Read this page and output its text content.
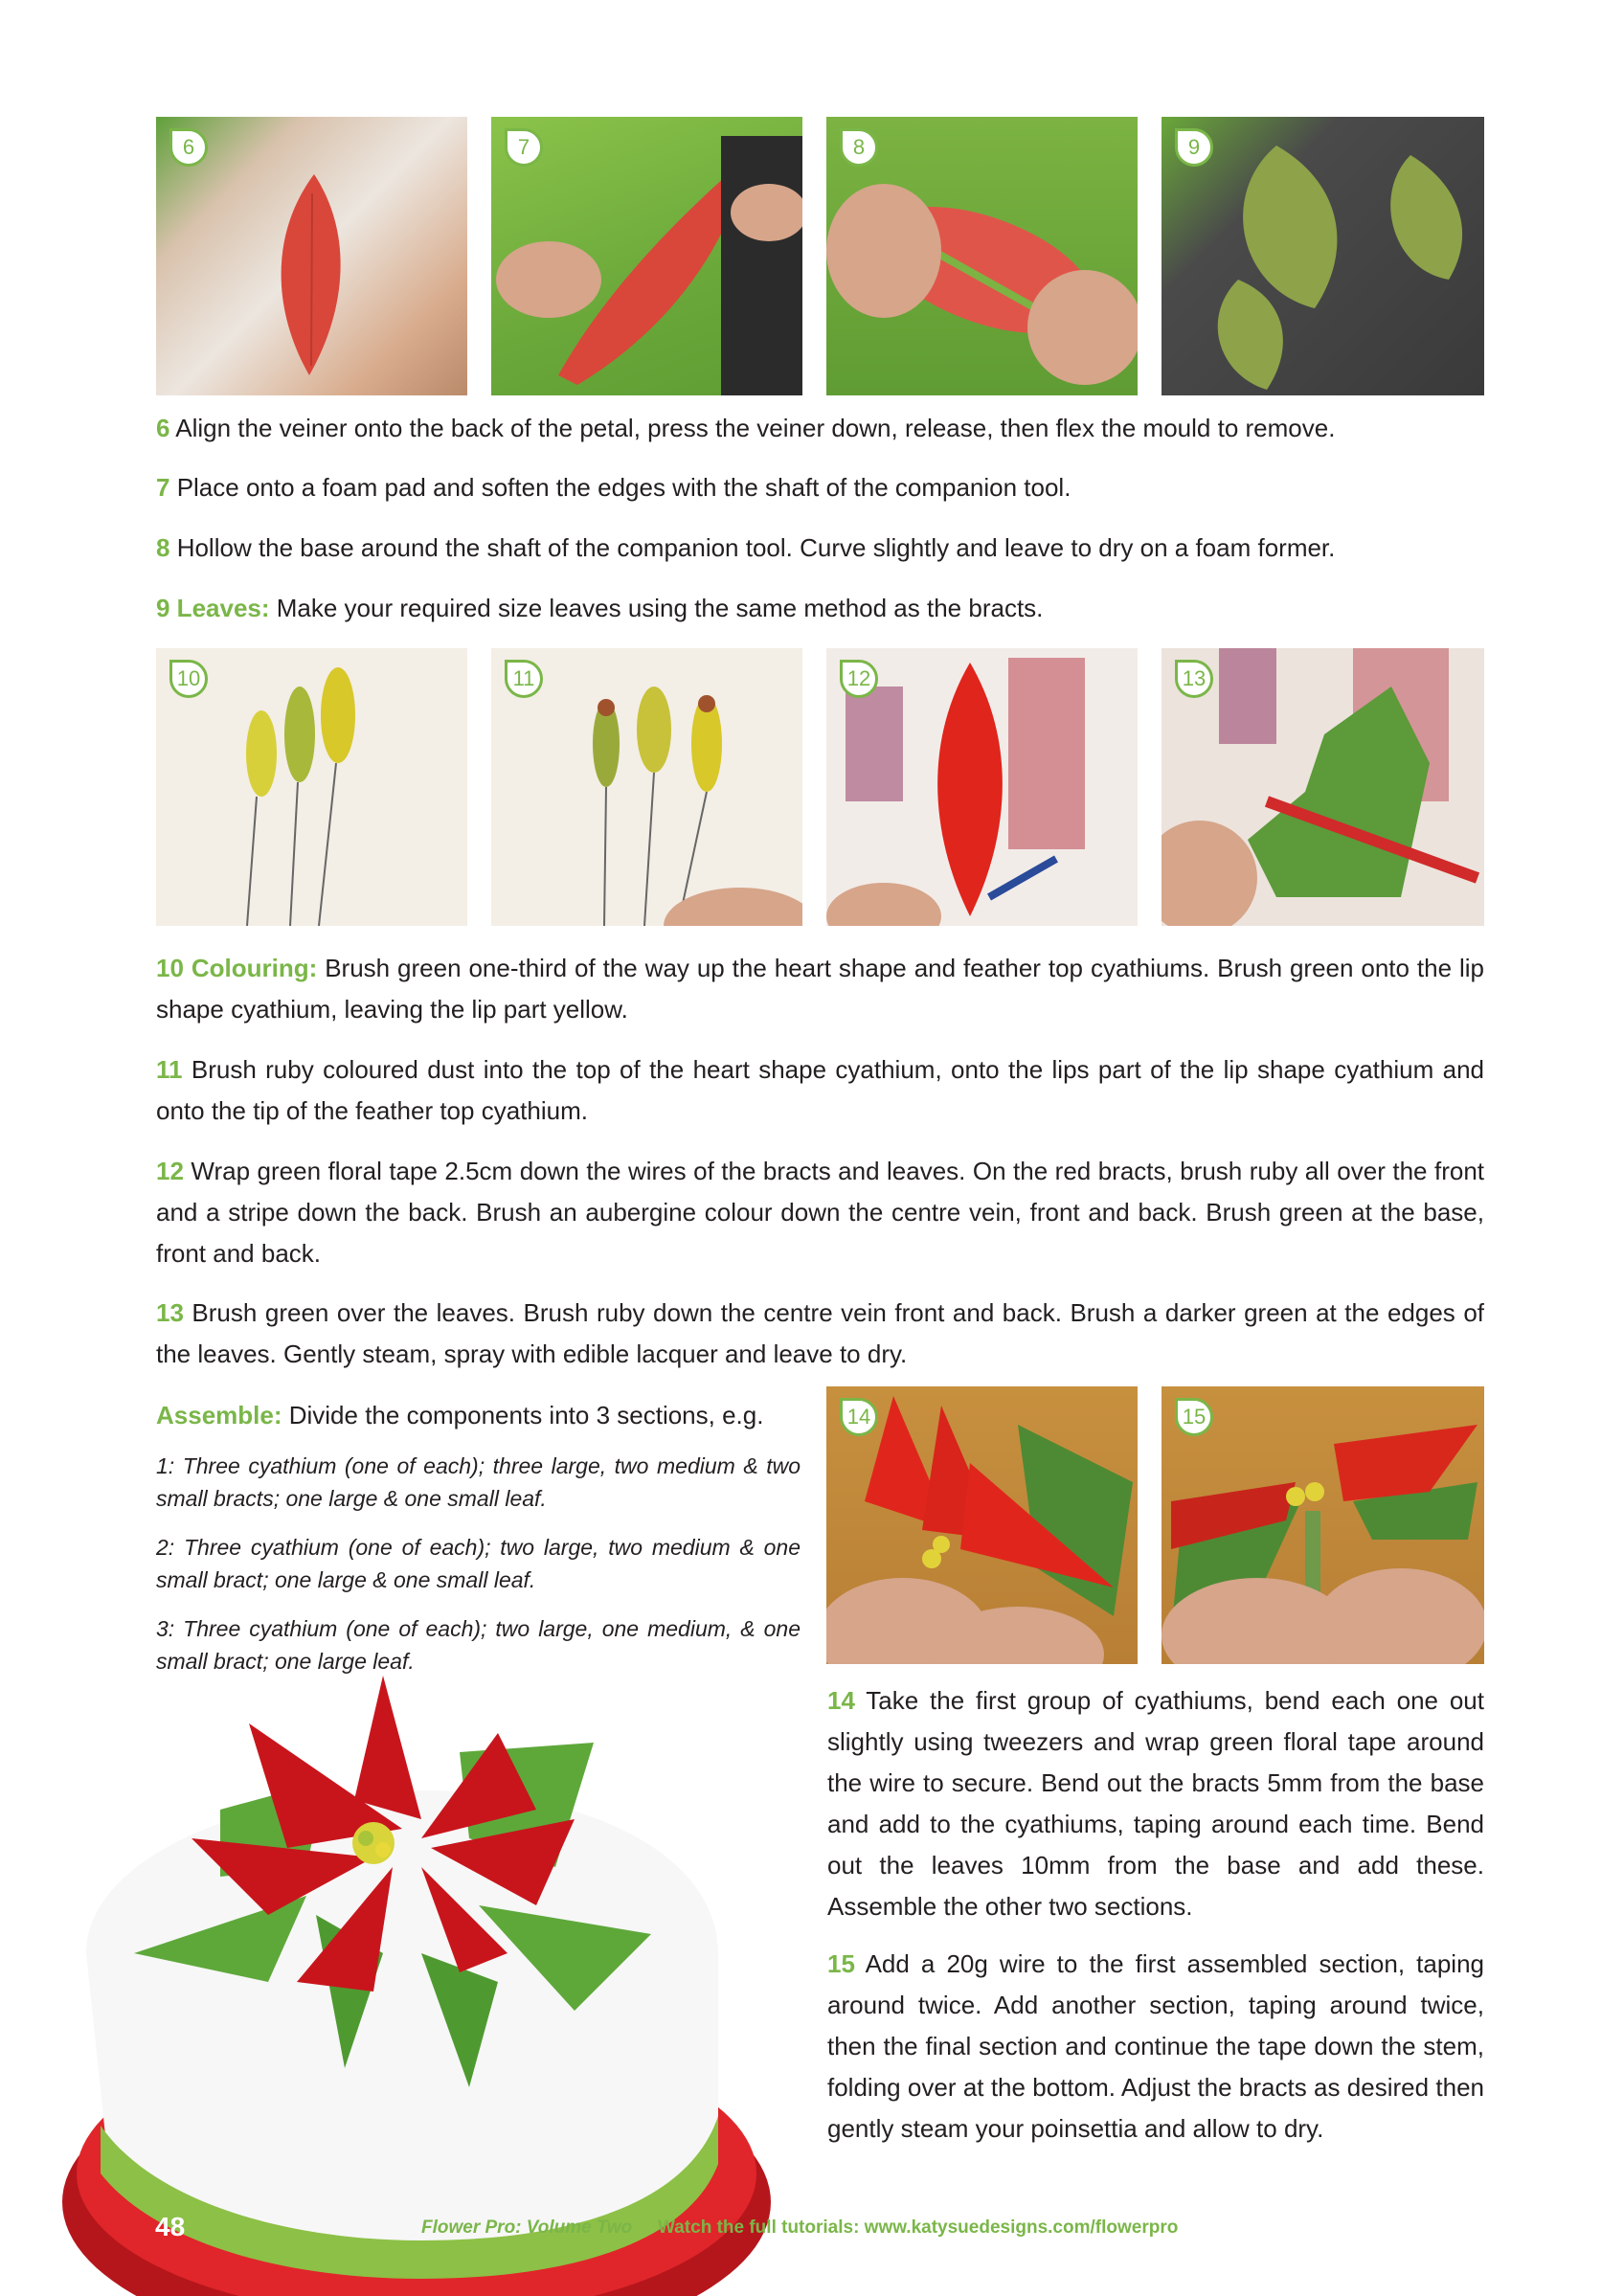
6	7	8	9

6 Align the veiner onto the back of the petal, press the veiner down, release, then flex the mould to remove.

7 Place onto a foam pad and soften the edges with the shaft of the companion tool.

8 Hollow the base around the shaft of the companion tool. Curve slightly and leave to dry on a foam former.

9 Leaves: Make your required size leaves using the same method as the bracts.

10	11	12	13

10 Colouring: Brush green one-third of the way up the heart shape and feather top cyathiums. Brush green onto the lip shape cyathium, leaving the lip part yellow.

11 Brush ruby coloured dust into the top of the heart shape cyathium, onto the lips part of the lip shape cyathium and onto the tip of the feather top cyathium.

12 Wrap green floral tape 2.5cm down the wires of the bracts and leaves. On the red bracts, brush ruby all over the front and a stripe down the back. Brush an aubergine colour down the centre vein, front and back. Brush green at the base, front and back.

13 Brush green over the leaves. Brush ruby down the centre vein front and back. Brush a darker green at the edges of the leaves. Gently steam, spray with edible lacquer and leave to dry.

Assemble: Divide the components into 3 sections, e.g.

1: Three cyathium (one of each); three large, two medium & two small bracts; one large & one small leaf.

2: Three cyathium (one of each); two large, two medium & one small bract; one large & one small leaf.

3: Three cyathium (one of each); two large, one medium, & one small bract; one large leaf.

14	15

14 Take the first group of cyathiums, bend each one out slightly using tweezers and wrap green floral tape around the wire to secure. Bend out the bracts 5mm from the base and add to the cyathiums, taping around each time. Bend out the leaves 10mm from the base and add these. Assemble the other two sections.

15 Add a 20g wire to the first assembled section, taping around twice. Add another section, taping around twice, then the final section and continue the tape down the stem, folding over at the bottom. Adjust the bracts as desired then gently steam your poinsettia and allow to dry.

48	Flower Pro: Volume Two Watch the full tutorials: www.katysuedesigns.com/flowerpro
